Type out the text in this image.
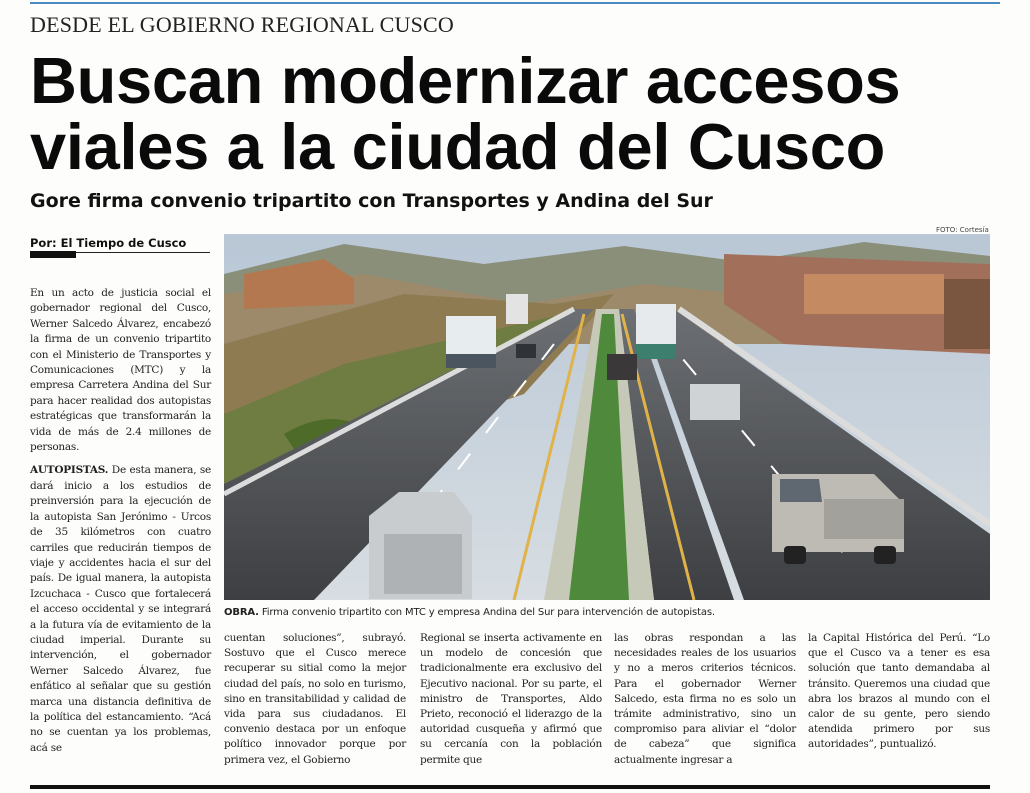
DESDE EL GOBIERNO REGIONAL CUSCO
Buscan modernizar accesos
viales a la ciudad del Cusco
Gore firma convenio tripartito con Transportes y Andina del Sur
FOTO: Cortesía
Por: El Tiempo de Cusco

En un acto de justicia social el gobernador regional del Cusco, Werner Salcedo Álvarez, encabezó la firma de un convenio tripartito con el Ministerio de Transportes y Comunicaciones (MTC) y la empresa Carretera Andina del Sur para hacer realidad dos autopistas estratégicas que transformarán la vida de más de 2.4 millones de personas.

AUTOPISTAS. De esta manera, se dará inicio a los estudios de preinversión para la ejecución de la autopista San Jerónimo - Urcos de 35 kilómetros con cuatro carriles que reducirán tiempos de viaje y accidentes hacia el sur del país. De igual manera, la autopista Izcuchaca - Cusco que fortalecerá el acceso occidental y se integrará a la futura vía de evitamiento de la ciudad imperial. Durante su intervención, el gobernador Werner Salcedo Álvarez, fue enfático al señalar que su gestión marca una distancia definitiva de la política del estancamiento. “Acá no se cuentan ya los problemas, acá se

OBRA. Firma convenio tripartito con MTC y empresa Andina del Sur para intervención de autopistas.
cuentan soluciones”, subrayó. Sostuvo que el Cusco merece recuperar su sitial como la mejor ciudad del país, no solo en turismo, sino en transitabilidad y calidad de vida para sus ciudadanos. El convenio destaca por un enfoque político innovador porque por primera vez, el Gobierno
Regional se inserta activamente en un modelo de concesión que tradicionalmente era exclusivo del Ejecutivo nacional. Por su parte, el ministro de Transportes, Aldo Prieto, reconoció el liderazgo de la autoridad cusqueña y afirmó que su cercanía con la población permite que
las obras respondan a las necesidades reales de los usuarios y no a meros criterios técnicos. Para el gobernador Werner Salcedo, esta firma no es solo un trámite administrativo, sino un compromiso para aliviar el “dolor de cabeza” que significa actualmente ingresar a
la Capital Histórica del Perú. “Lo que el Cusco va a tener es esa solución que tanto demandaba al tránsito. Queremos una ciudad que abra los brazos al mundo con el calor de su gente, pero siendo atendida primero por sus autoridades”, puntualizó.
